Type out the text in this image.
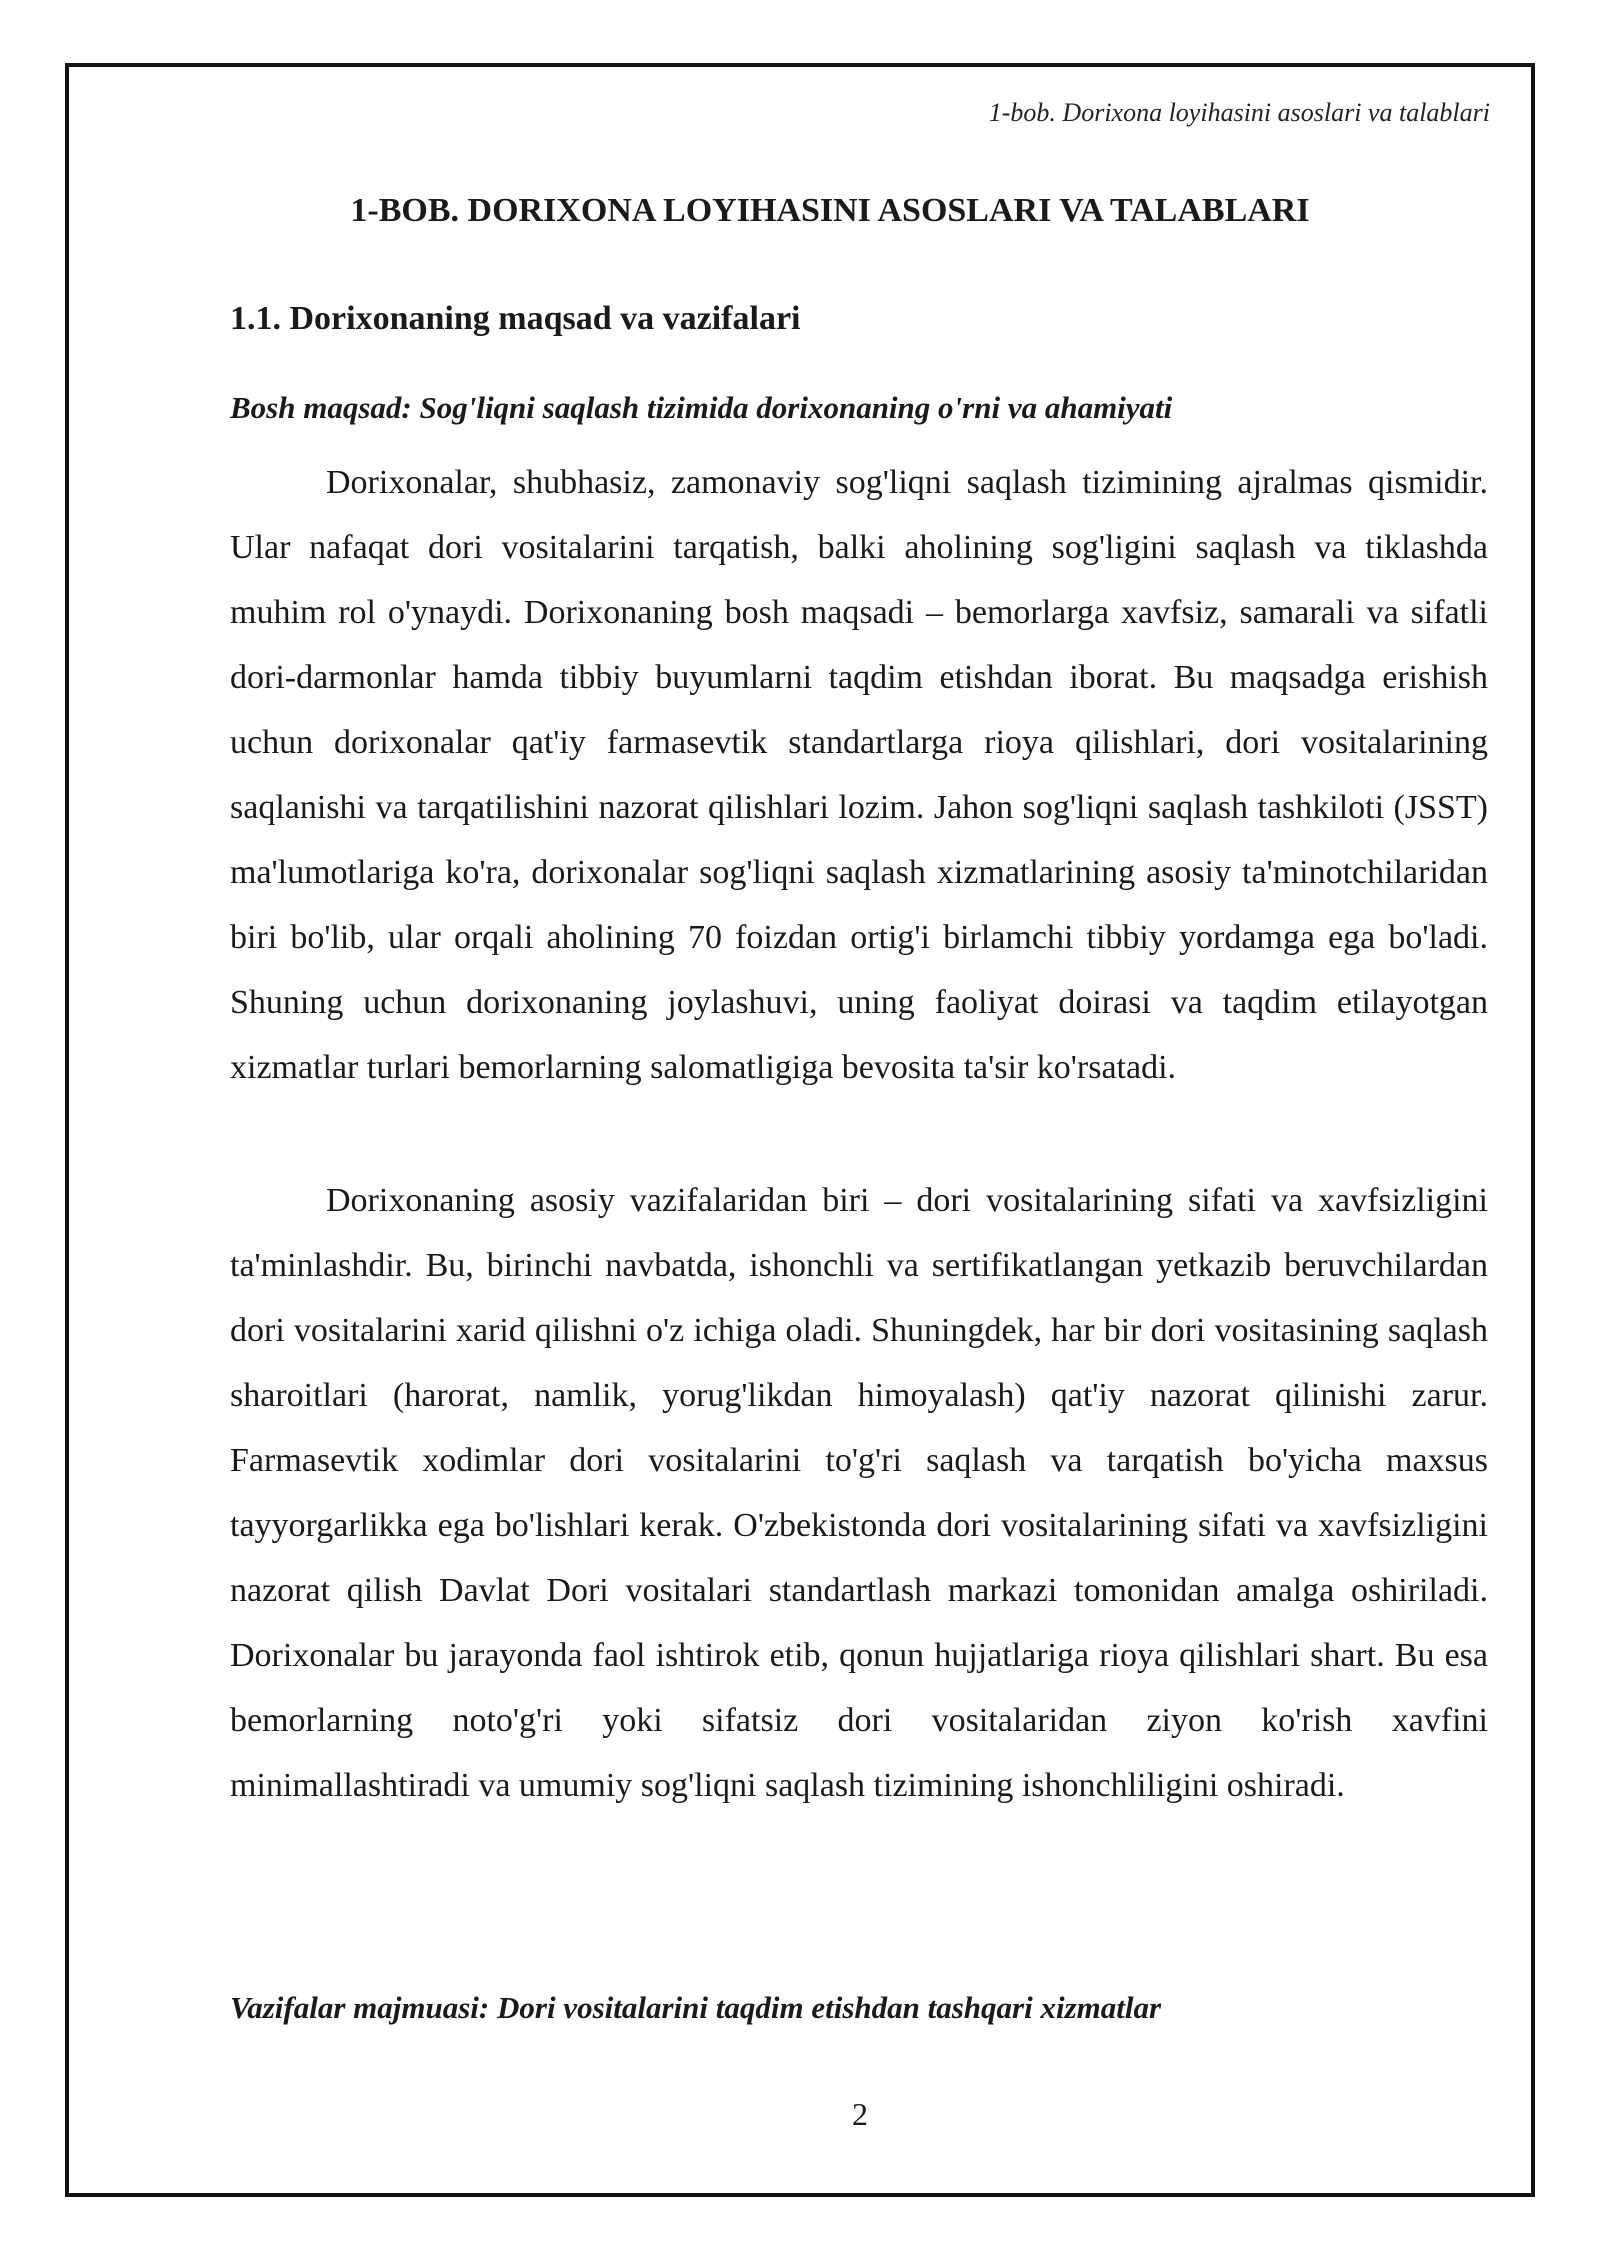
1-bob. Dorixona loyihasini asoslari va talablari
1-BOB. DORIXONA LOYIHASINI ASOSLARI VA TALABLARI
1.1. Dorixonaning maqsad va vazifalari
Bosh maqsad: Sog'liqni saqlash tizimida dorixonaning o'rni va ahamiyati

Dorixonalar, shubhasiz, zamonaviy sog'liqni saqlash tizimining ajralmas qismidir. Ular nafaqat dori vositalarini tarqatish, balki aholining sog'ligini saqlash va tiklashda muhim rol o'ynaydi. Dorixonaning bosh maqsadi – bemorlarga xavfsiz, samarali va sifatli dori-darmonlar hamda tibbiy buyumlarni taqdim etishdan iborat. Bu maqsadga erishish uchun dorixonalar qat'iy farmasevtik standartlarga rioya qilishlari, dori vositalarining saqlanishi va tarqatilishini nazorat qilishlari lozim. Jahon sog'liqni saqlash tashkiloti (JSST) ma'lumotlariga ko'ra, dorixonalar sog'liqni saqlash xizmatlarining asosiy ta'minotchilaridan biri bo'lib, ular orqali aholining 70 foizdan ortig'i birlamchi tibbiy yordamga ega bo'ladi. Shuning uchun dorixonaning joylashuvi, uning faoliyat doirasi va taqdim etilayotgan xizmatlar turlari bemorlarning salomatligiga bevosita ta'sir ko'rsatadi.

Dorixonaning asosiy vazifalaridan biri – dori vositalarining sifati va xavfsizligini ta'minlashdir. Bu, birinchi navbatda, ishonchli va sertifikatlangan yetkazib beruvchilardan dori vositalarini xarid qilishni o'z ichiga oladi. Shuningdek, har bir dori vositasining saqlash sharoitlari (harorat, namlik, yorug'likdan himoyalash) qat'iy nazorat qilinishi zarur. Farmasevtik xodimlar dori vositalarini to'g'ri saqlash va tarqatish bo'yicha maxsus tayyorgarlikka ega bo'lishlari kerak. O'zbekistonda dori vositalarining sifati va xavfsizligini nazorat qilish Davlat Dori vositalari standartlash markazi tomonidan amalga oshiriladi. Dorixonalar bu jarayonda faol ishtirok etib, qonun hujjatlariga rioya qilishlari shart. Bu esa bemorlarning noto'g'ri yoki sifatsiz dori vositalaridan ziyon ko'rish xavfini minimallashtiradi va umumiy sog'liqni saqlash tizimining ishonchliligini oshiradi.

Vazifalar majmuasi: Dori vositalarini taqdim etishdan tashqari xizmatlar
2
